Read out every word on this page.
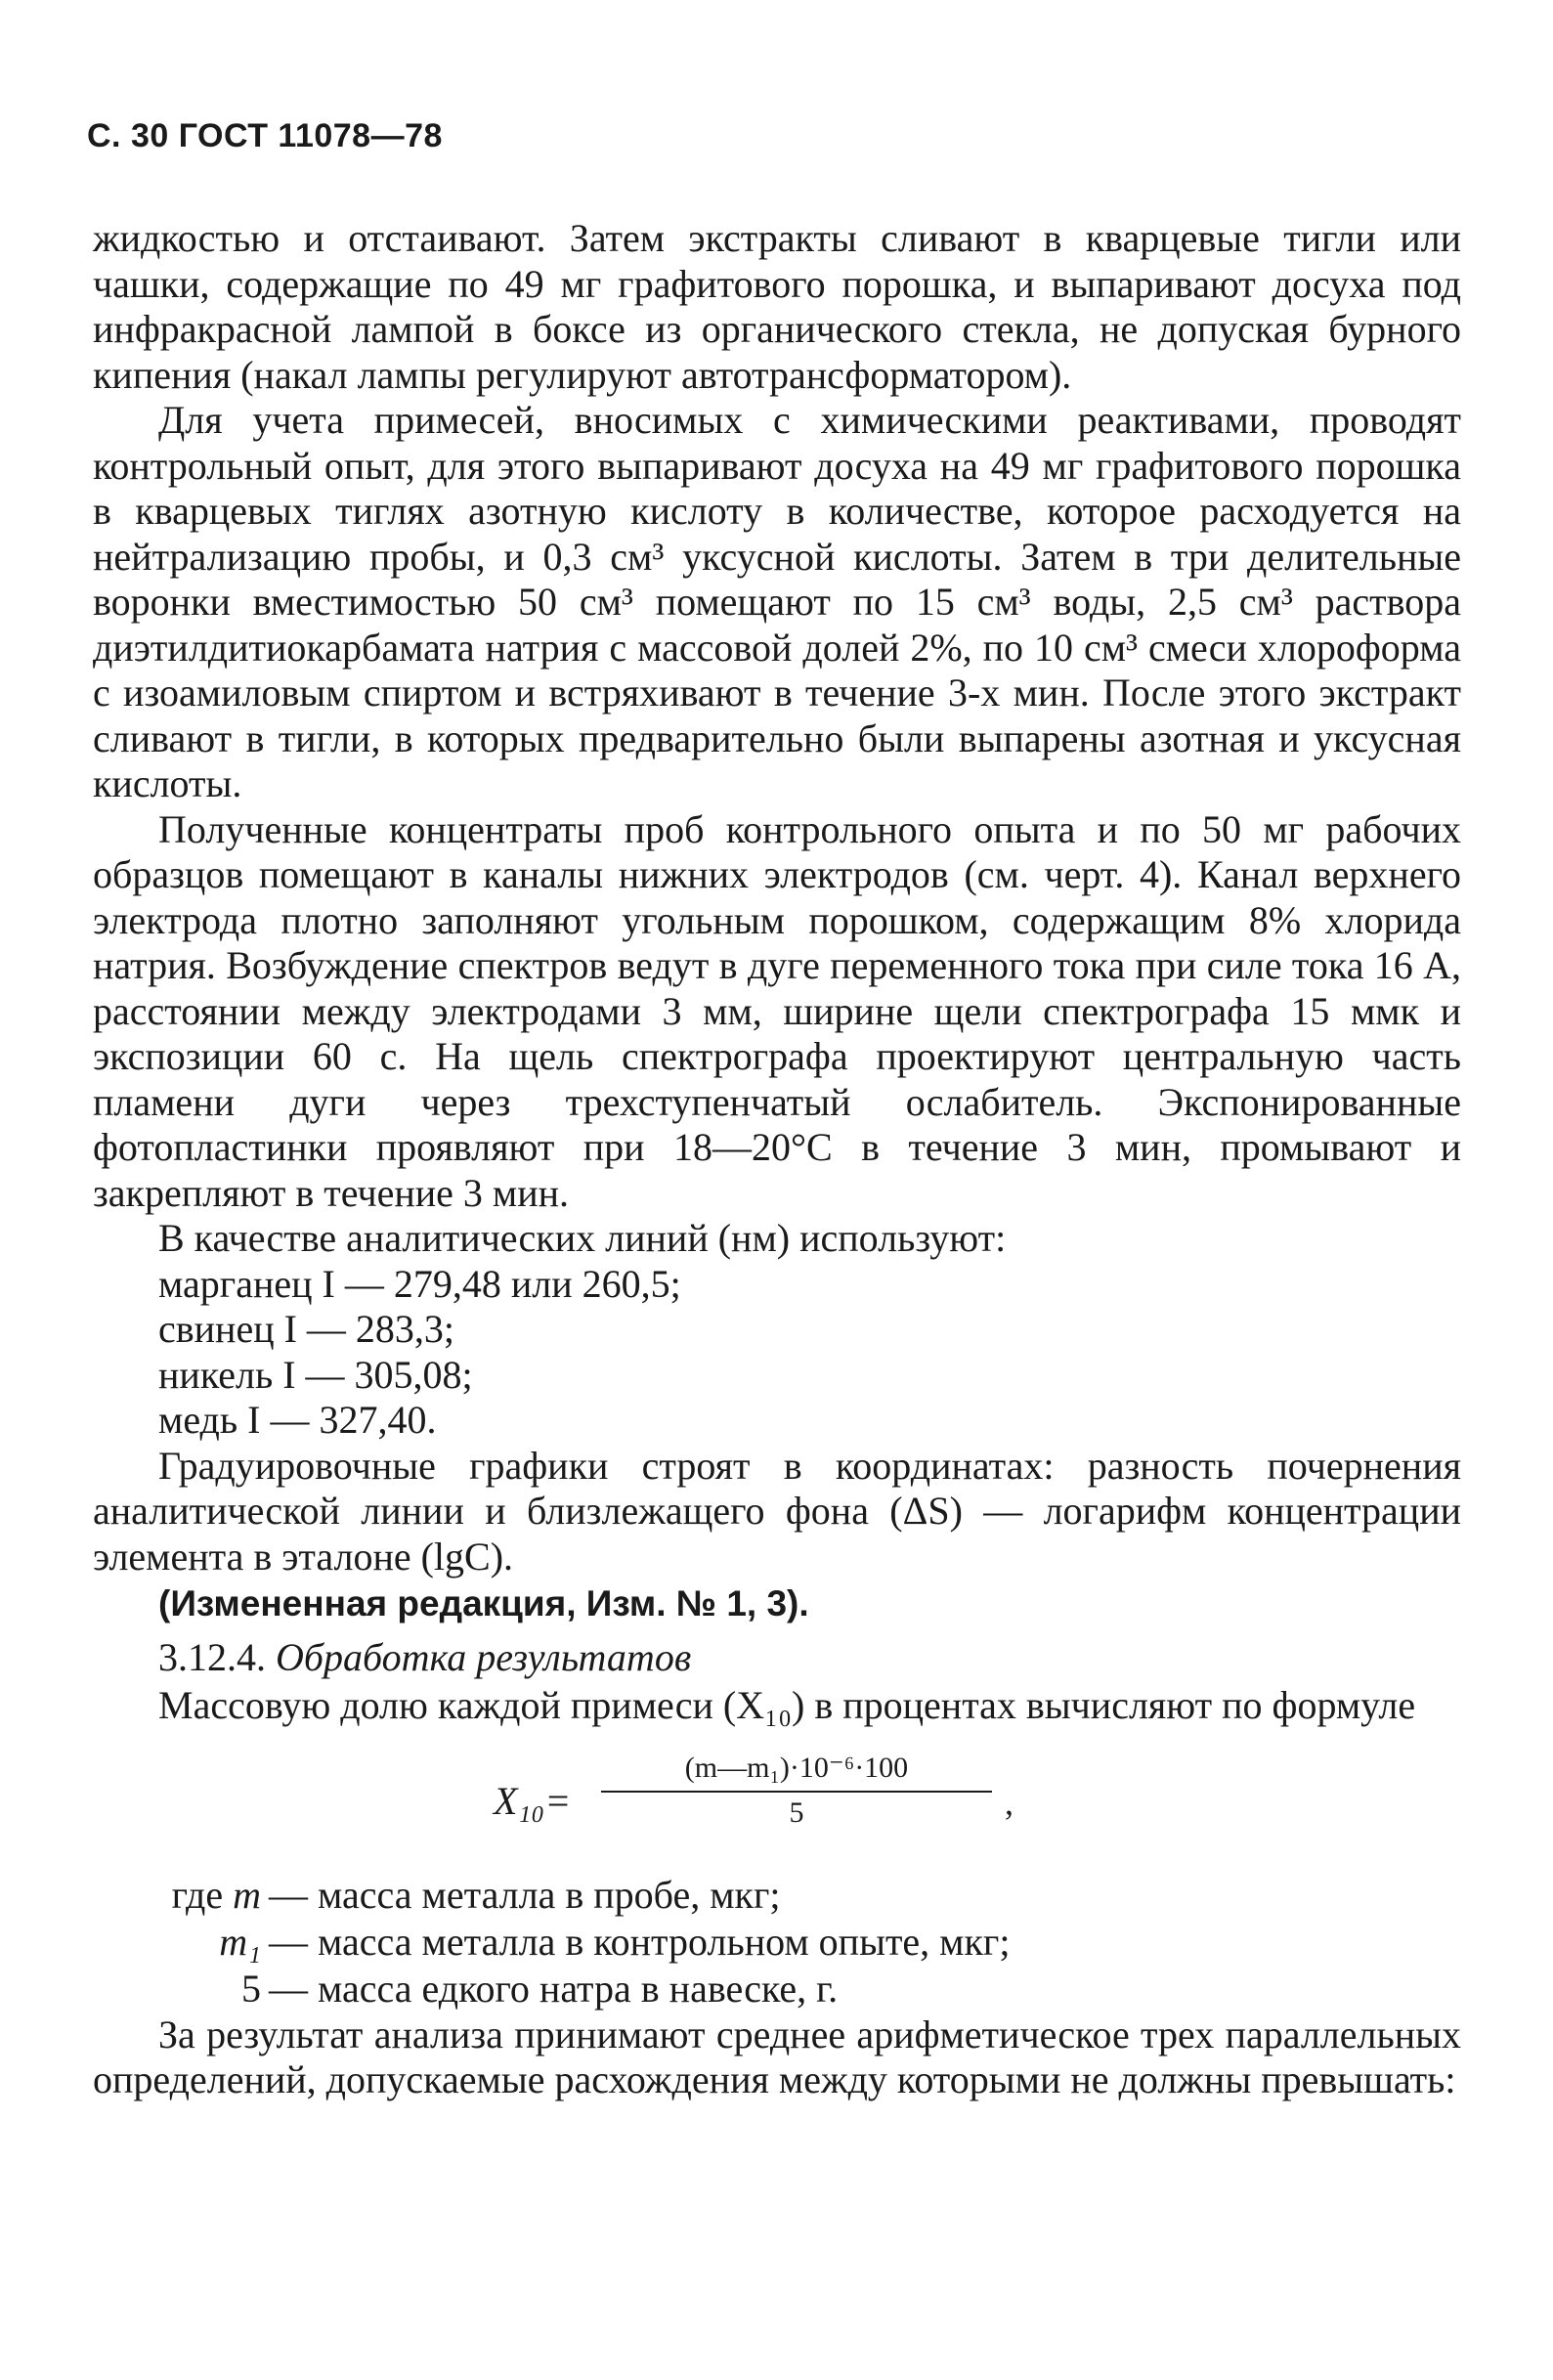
С. 30 ГОСТ 11078—78

жидкостью и отстаивают. Затем экстракты сливают в кварцевые тигли или чашки, содержащие по 49 мг графитового порошка, и выпаривают досуха под инфракрасной лампой в боксе из органического стекла, не допуская бурного кипения (накал лампы регулируют автотрансформатором).

Для учета примесей, вносимых с химическими реактивами, проводят контрольный опыт, для этого выпаривают досуха на 49 мг графитового порошка в кварцевых тиглях азотную кислоту в количестве, которое расходуется на нейтрализацию пробы, и 0,3 см³ уксусной кислоты. Затем в три делительные воронки вместимостью 50 см³ помещают по 15 см³ воды, 2,5 см³ раствора диэтилдитиокарбамата натрия с массовой долей 2%, по 10 см³ смеси хлороформа с изоамиловым спиртом и встряхивают в течение 3-х мин. После этого экстракт сливают в тигли, в которых предварительно были выпарены азотная и уксусная кислоты.

Полученные концентраты проб контрольного опыта и по 50 мг рабочих образцов помещают в каналы нижних электродов (см. черт. 4). Канал верхнего электрода плотно заполняют угольным порошком, содержащим 8% хлорида натрия. Возбуждение спектров ведут в дуге переменного тока при силе тока 16 А, расстоянии между электродами 3 мм, ширине щели спектрографа 15 ммк и экспозиции 60 с. На щель спектрографа проектируют центральную часть пламени дуги через трехступенчатый ослабитель. Экспонированные фотопластинки проявляют при 18—20°С в течение 3 мин, промывают и закрепляют в течение 3 мин.

В качестве аналитических линий (нм) используют:

марганец I — 279,48 или 260,5;
свинец I — 283,3;
никель I — 305,08;
медь I — 327,40.

Градуировочные графики строят в координатах: разность почернения аналитической линии и близлежащего фона (ΔS) — логарифм концентрации элемента в эталоне (lgC).

(Измененная редакция, Изм. № 1, 3).
3.12.4. Обработка результатов

Массовую долю каждой примеси (X₁₀) в процентах вычисляют по формуле

$X_{10}= \frac{\text{(m—m₁)·10⁻⁶·100}}{5}$ ,
где m — масса металла в пробе, мкг;
m₁ — масса металла в контрольном опыте, мкг;
5 — масса едкого натра в навеске, г.

За результат анализа принимают среднее арифметическое трех параллельных определений, допускаемые расхождения между которыми не должны превышать:
